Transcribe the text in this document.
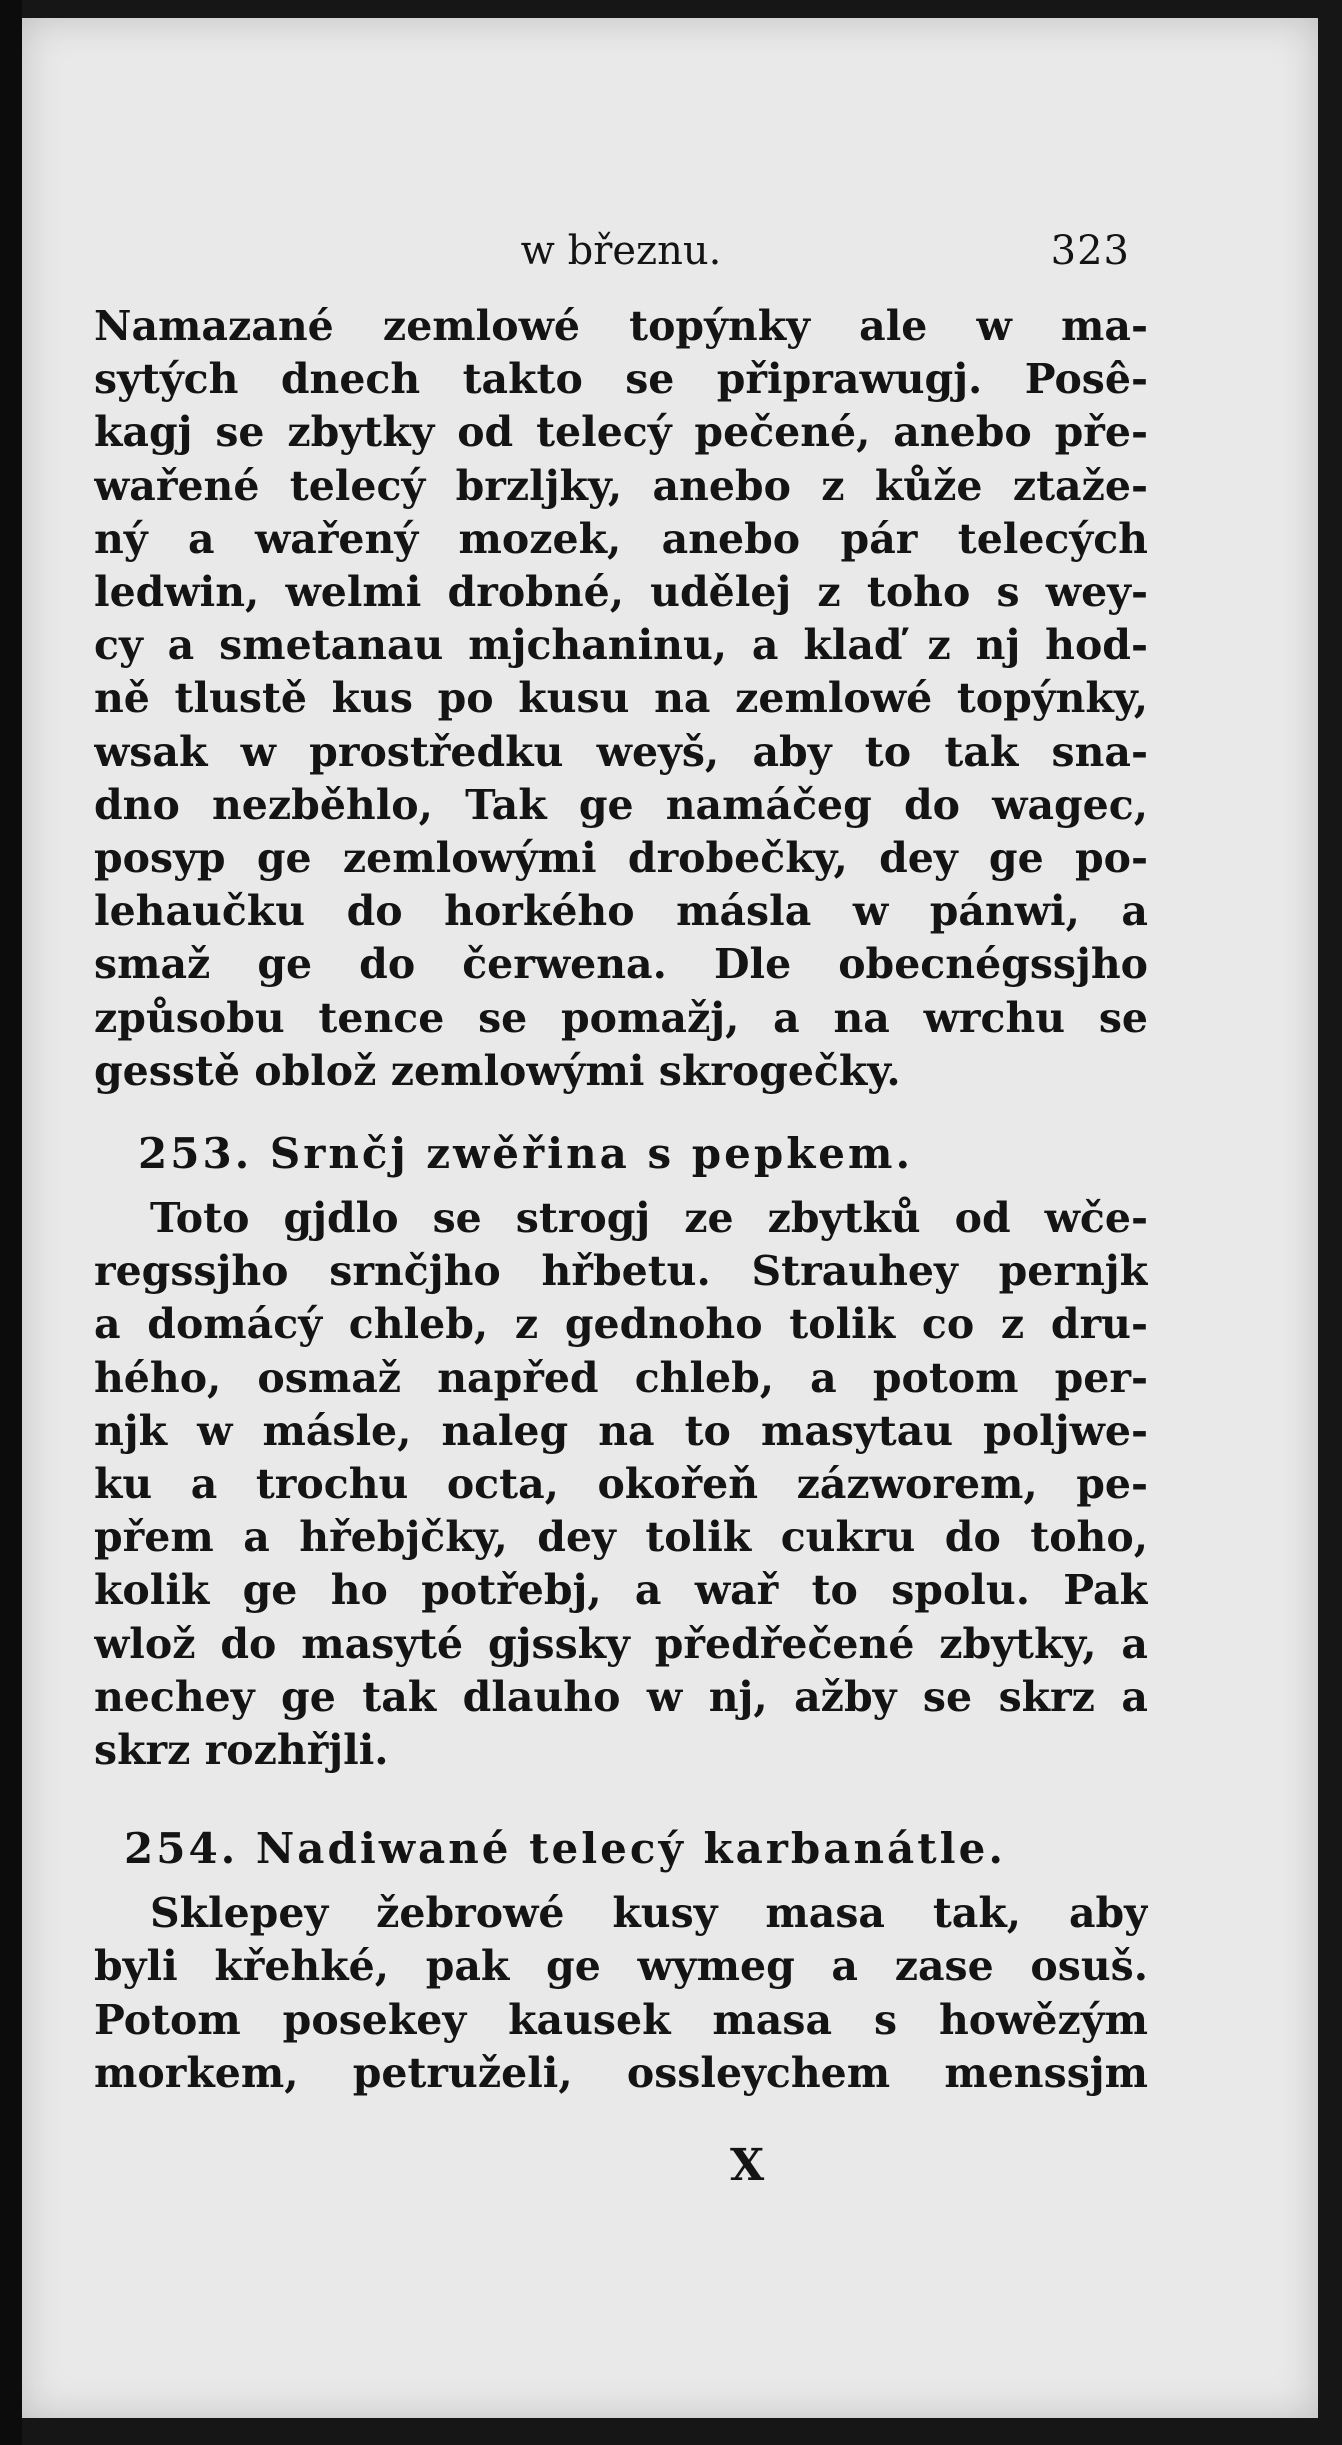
w březnu.	323
Namazané zemlowé topýnky ale w ma-
sytých dnech takto se připrawugj. Posê-
kagj se zbytky od telecý pečené, anebo pře-
wařené telecý brzljky, anebo z kůže ztaže-
ný a wařený mozek, anebo pár telecých
ledwin, welmi drobné, udělej z toho s wey-
cy a smetanau mjchaninu, a klaď z nj hod-
ně tlustě kus po kusu na zemlowé topýnky,
wsak w prostředku weyš, aby to tak sna-
dno nezběhlo, Tak ge namáčeg do wagec,
posyp ge zemlowými drobečky, dey ge po-
lehaučku do horkého másla w pánwi, a
smaž ge do čerwena. Dle obecnégssjho
způsobu tence se pomažj, a na wrchu se
gesstě oblož zemlowými skrogečky.
253. Srnčj zwěřina s pepkem.
Toto gjdlo se strogj ze zbytků od wče-
regssjho srnčjho hřbetu. Strauhey pernjk
a domácý chleb, z gednoho tolik co z dru-
hého, osmaž napřed chleb, a potom per-
njk w másle, naleg na to masytau poljwe-
ku a trochu octa, okořeň zázworem, pe-
přem a hřebjčky, dey tolik cukru do toho,
kolik ge ho potřebj, a wař to spolu. Pak
wlož do masyté gjssky předřečené zbytky, a
nechey ge tak dlauho w nj, ažby se skrz a
skrz rozhřjli.
254. Nadiwané telecý karbanátle.
Sklepey žebrowé kusy masa tak, aby
byli křehké, pak ge wymeg a zase osuš.
Potom posekey kausek masa s howězým
morkem, petruželi, ossleychem menssjm
X
